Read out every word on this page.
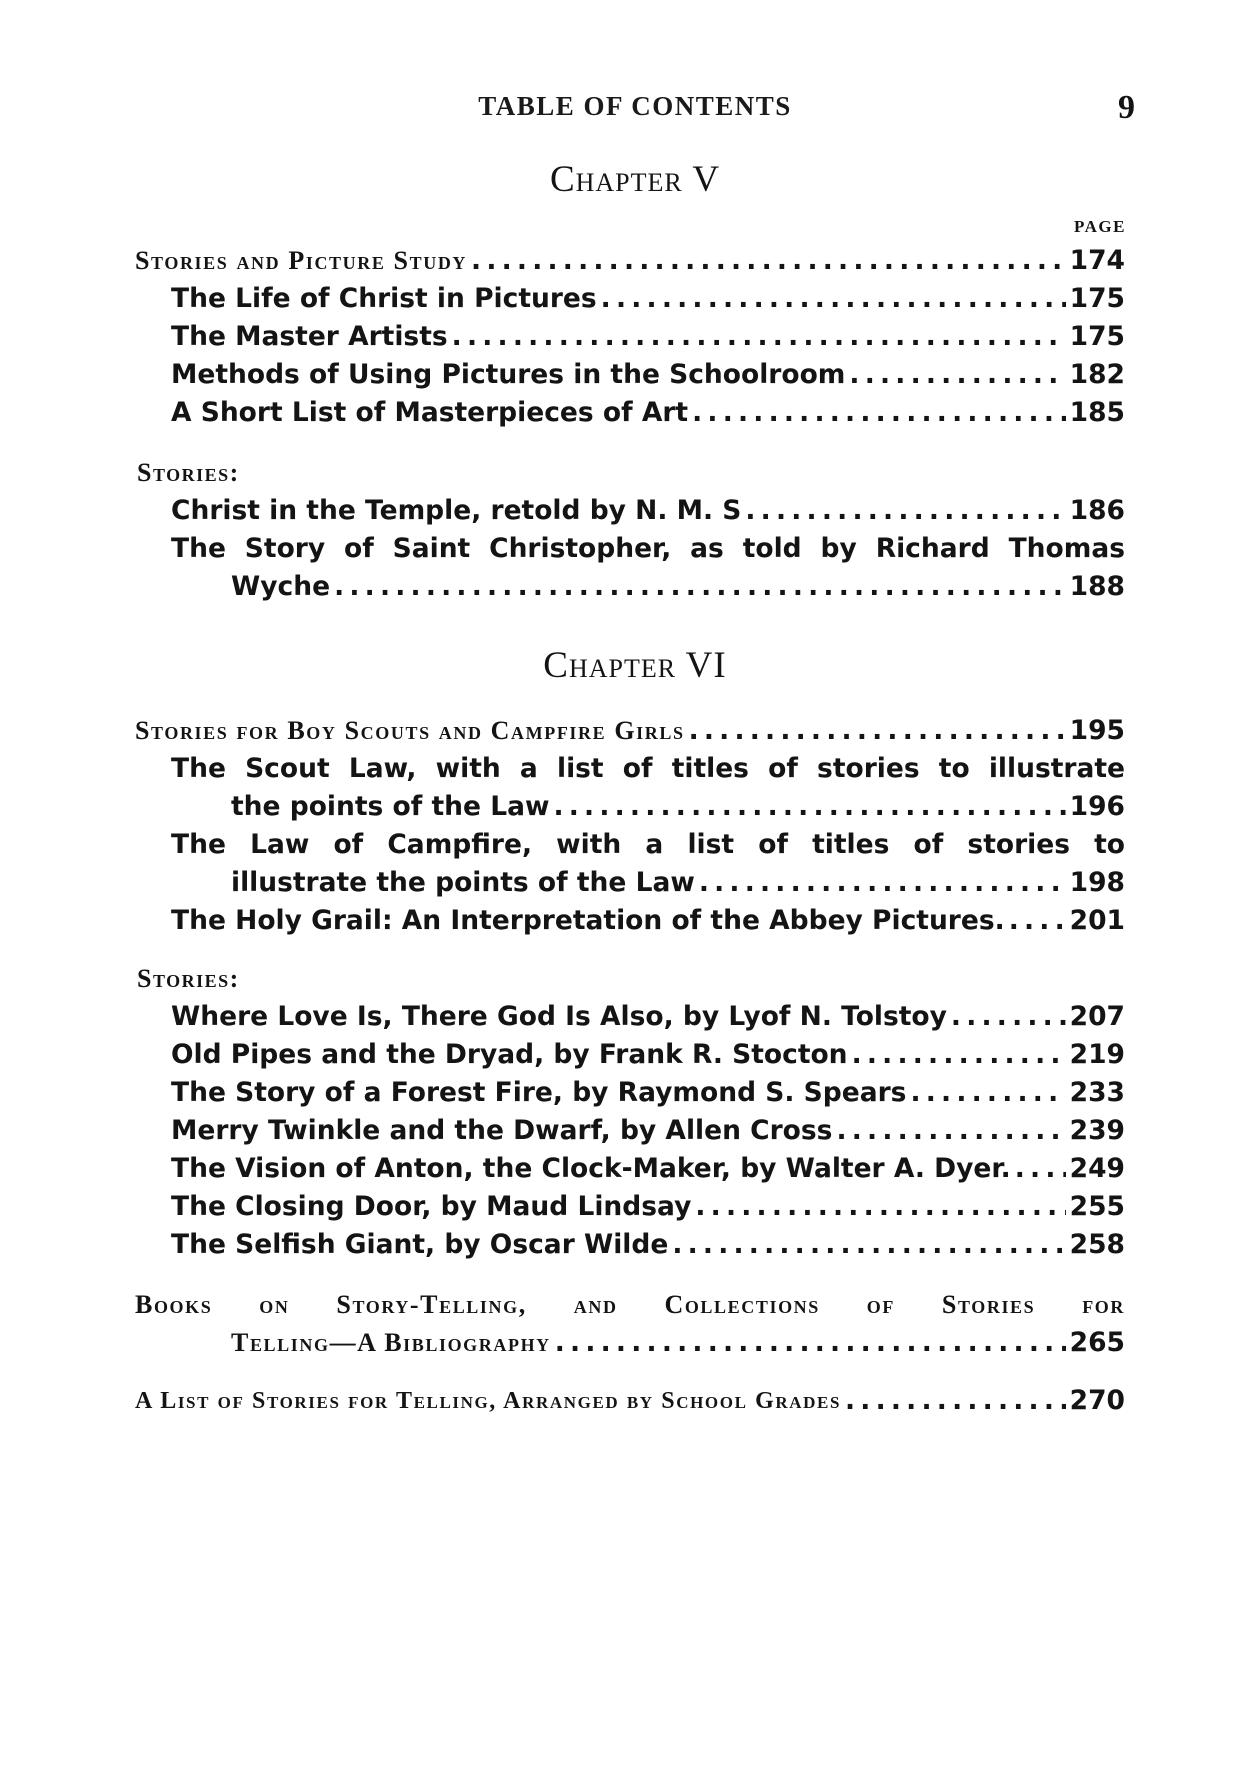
TABLE OF CONTENTS	9
Chapter V
PAGE
Stories and Picture Study . . .	174
The Life of Christ in Pictures . . .	175
The Master Artists . . .	175
Methods of Using Pictures in the Schoolroom . . .	182
A Short List of Masterpieces of Art . . .	185
Stories:
Christ in the Temple, retold by N. M. S . . .	186
The Story of Saint Christopher, as told by Richard Thomas
Wyche . . .	188
Chapter VI
Stories for Boy Scouts and Campfire Girls . . .	195
The Scout Law, with a list of titles of stories to illustrate
the points of the Law . . .	196
The Law of Campfire, with a list of titles of stories to
illustrate the points of the Law . . .	198
The Holy Grail: An Interpretation of the Abbey Pictures. . . . 201
Stories:
Where Love Is, There God Is Also, by Lyof N. Tolstoy . . .	207
Old Pipes and the Dryad, by Frank R. Stocton . . .	219
The Story of a Forest Fire, by Raymond S. Spears . . .	233
Merry Twinkle and the Dwarf, by Allen Cross . . .	239
The Vision of Anton, the Clock-Maker, by Walter A. Dyer. . . . 249
The Closing Door, by Maud Lindsay . . .	255
The Selfish Giant, by Oscar Wilde . . .	258
Books on Story-Telling, and Collections of Stories for
Telling—A Bibliography . . .	265
A List of Stories for Telling, Arranged by School Grades . . .	270
